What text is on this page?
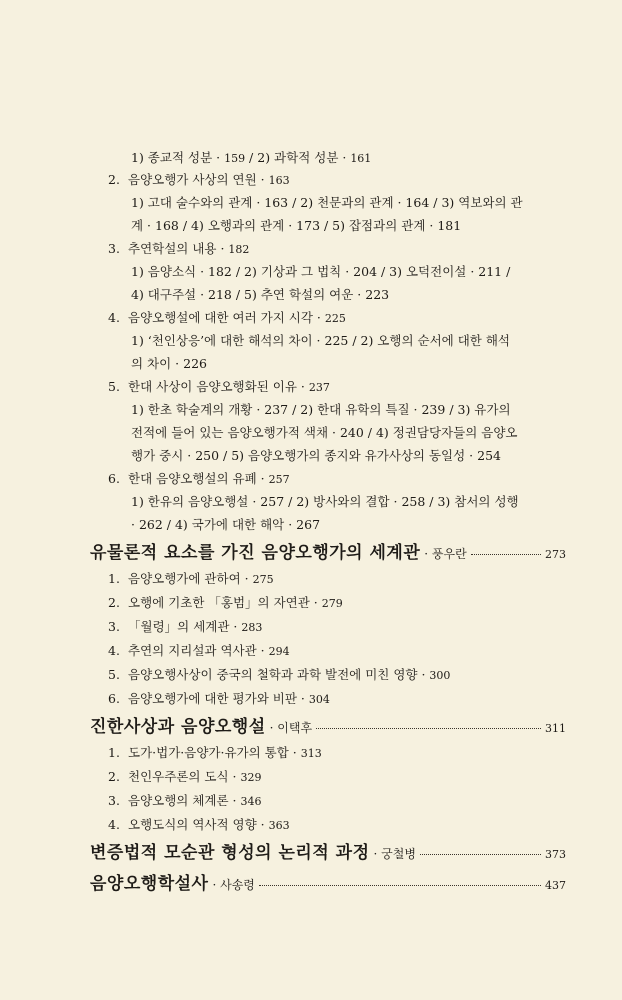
1) 종교적 성분 · 159 / 2) 과학적 성분 · 161
2. 음양오행가 사상의 연원 · 163
1) 고대 술수와의 관계 · 163 / 2) 천문과의 관계 · 164 / 3) 역보와의 관
계 · 168 / 4) 오행과의 관계 · 173 / 5) 잡점과의 관계 · 181
3. 추연학설의 내용 · 182
1) 음양소식 · 182 / 2) 기상과 그 법칙 · 204 / 3) 오덕전이설 · 211 /
4) 대구주설 · 218 / 5) 추연 학설의 여운 · 223
4. 음양오행설에 대한 여러 가지 시각 · 225
1) ‘천인상응’에 대한 해석의 차이 · 225 / 2) 오행의 순서에 대한 해석
의 차이 · 226
5. 한대 사상이 음양오행화된 이유 · 237
1) 한초 학술계의 개황 · 237 / 2) 한대 유학의 특질 · 239 / 3) 유가의
전적에 들어 있는 음양오행가적 색채 · 240 / 4) 정권담당자들의 음양오
행가 중시 · 250 / 5) 음양오행가의 종지와 유가사상의 동일성 · 254
6. 한대 음양오행설의 유폐 · 257
1) 한유의 음양오행설 · 257 / 2) 방사와의 결합 · 258 / 3) 참서의 성행
· 262 / 4) 국가에 대한 해악 · 267
유물론적 요소를 가진 음양오행가의 세계관 · 풍우란	273
1. 음양오행가에 관하여 · 275
2. 오행에 기초한 「홍범」의 자연관 · 279
3. 「월령」의 세계관 · 283
4. 추연의 지리설과 역사관 · 294
5. 음양오행사상이 중국의 철학과 과학 발전에 미친 영향 · 300
6. 음양오행가에 대한 평가와 비판 · 304
진한사상과 음양오행설 · 이택후	311
1. 도가·법가·음양가·유가의 통합 · 313
2. 천인우주론의 도식 · 329
3. 음양오행의 체계론 · 346
4. 오행도식의 역사적 영향 · 363
변증법적 모순관 형성의 논리적 과정 · 궁철병	373
음양오행학설사 · 사송령	437
